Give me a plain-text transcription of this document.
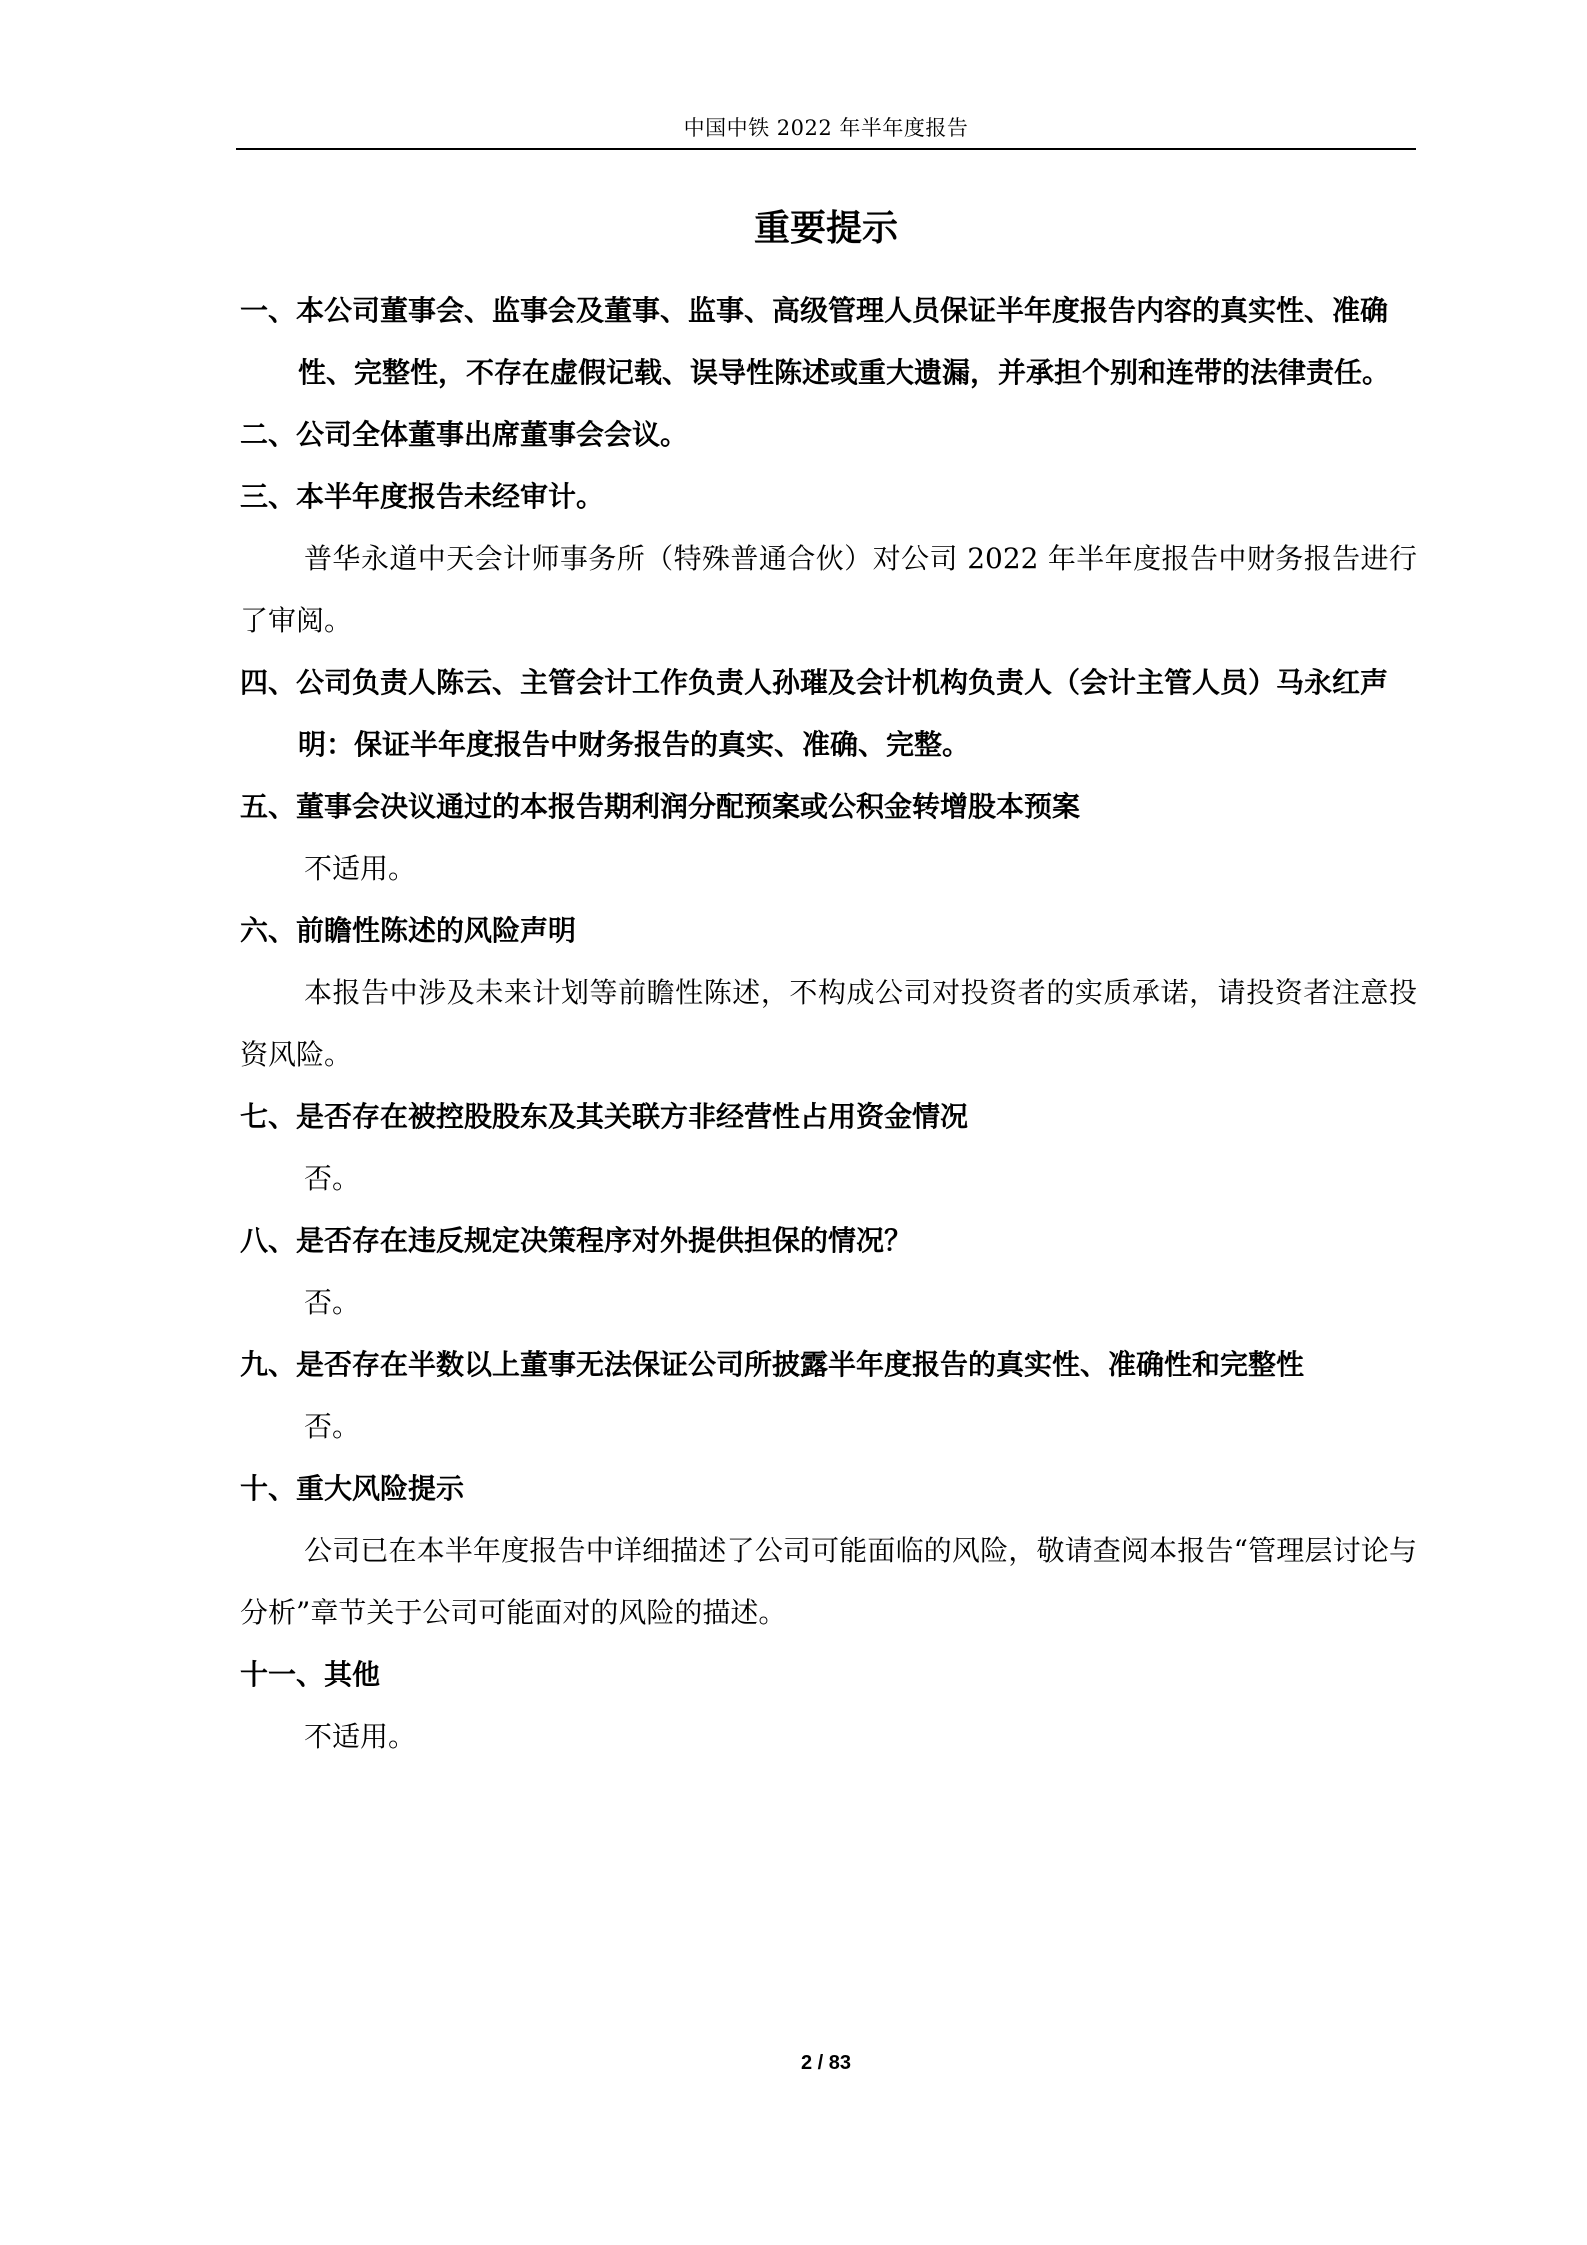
中国中铁 2022 年半年度报告
重要提示

一、本公司董事会、监事会及董事、监事、高级管理人员保证半年度报告内容的真实性、准确性、完整性，不存在虚假记载、误导性陈述或重大遗漏，并承担个别和连带的法律责任。

二、公司全体董事出席董事会会议。

三、本半年度报告未经审计。

普华永道中天会计师事务所（特殊普通合伙）对公司 2022 年半年度报告中财务报告进行了审阅。

四、公司负责人陈云、主管会计工作负责人孙璀及会计机构负责人（会计主管人员）马永红声明：保证半年度报告中财务报告的真实、准确、完整。

五、董事会决议通过的本报告期利润分配预案或公积金转增股本预案

不适用。

六、前瞻性陈述的风险声明

本报告中涉及未来计划等前瞻性陈述，不构成公司对投资者的实质承诺，请投资者注意投资风险。

七、是否存在被控股股东及其关联方非经营性占用资金情况

否。

八、是否存在违反规定决策程序对外提供担保的情况？

否。

九、是否存在半数以上董事无法保证公司所披露半年度报告的真实性、准确性和完整性

否。

十、重大风险提示

公司已在本半年度报告中详细描述了公司可能面临的风险，敬请查阅本报告“管理层讨论与分析”章节关于公司可能面对的风险的描述。

十一、其他

不适用。

2 / 83
